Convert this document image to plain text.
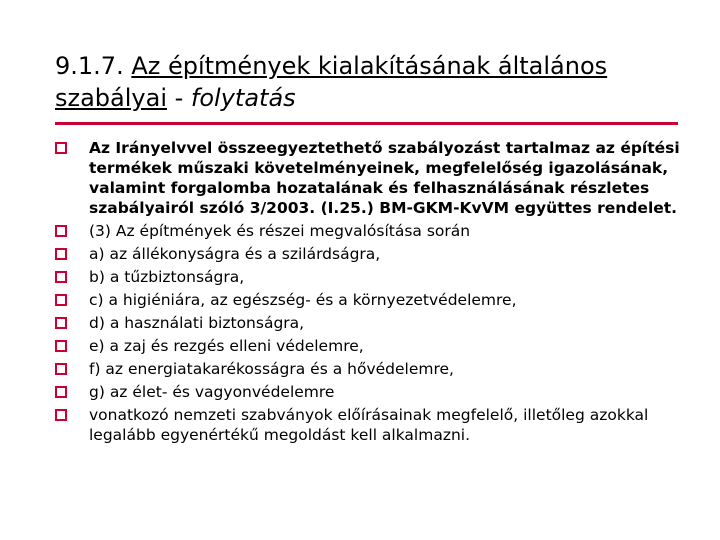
9.1.7. Az építmények kialakításának általános szabályai - folytatás
Az Irányelvvel összeegyeztethető szabályozást tartalmaz az építési termékek műszaki követelményeinek, megfelelőség igazolásának, valamint forgalomba hozatalának és felhasználásának részletes szabályairól szóló 3/2003. (I.25.) BM-GKM-KvVM együttes rendelet.
(3) Az építmények és részei megvalósítása során
a) az állékonyságra és a szilárdságra,
b) a tűzbiztonságra,
c) a higiéniára, az egészség- és a környezetvédelemre,
d) a használati biztonságra,
e) a zaj és rezgés elleni védelemre,
f) az energiatakarékosságra és a hővédelemre,
g) az élet- és vagyonvédelemre
vonatkozó nemzeti szabványok előírásainak megfelelő, illetőleg azokkal legalább egyenértékű megoldást kell alkalmazni.
